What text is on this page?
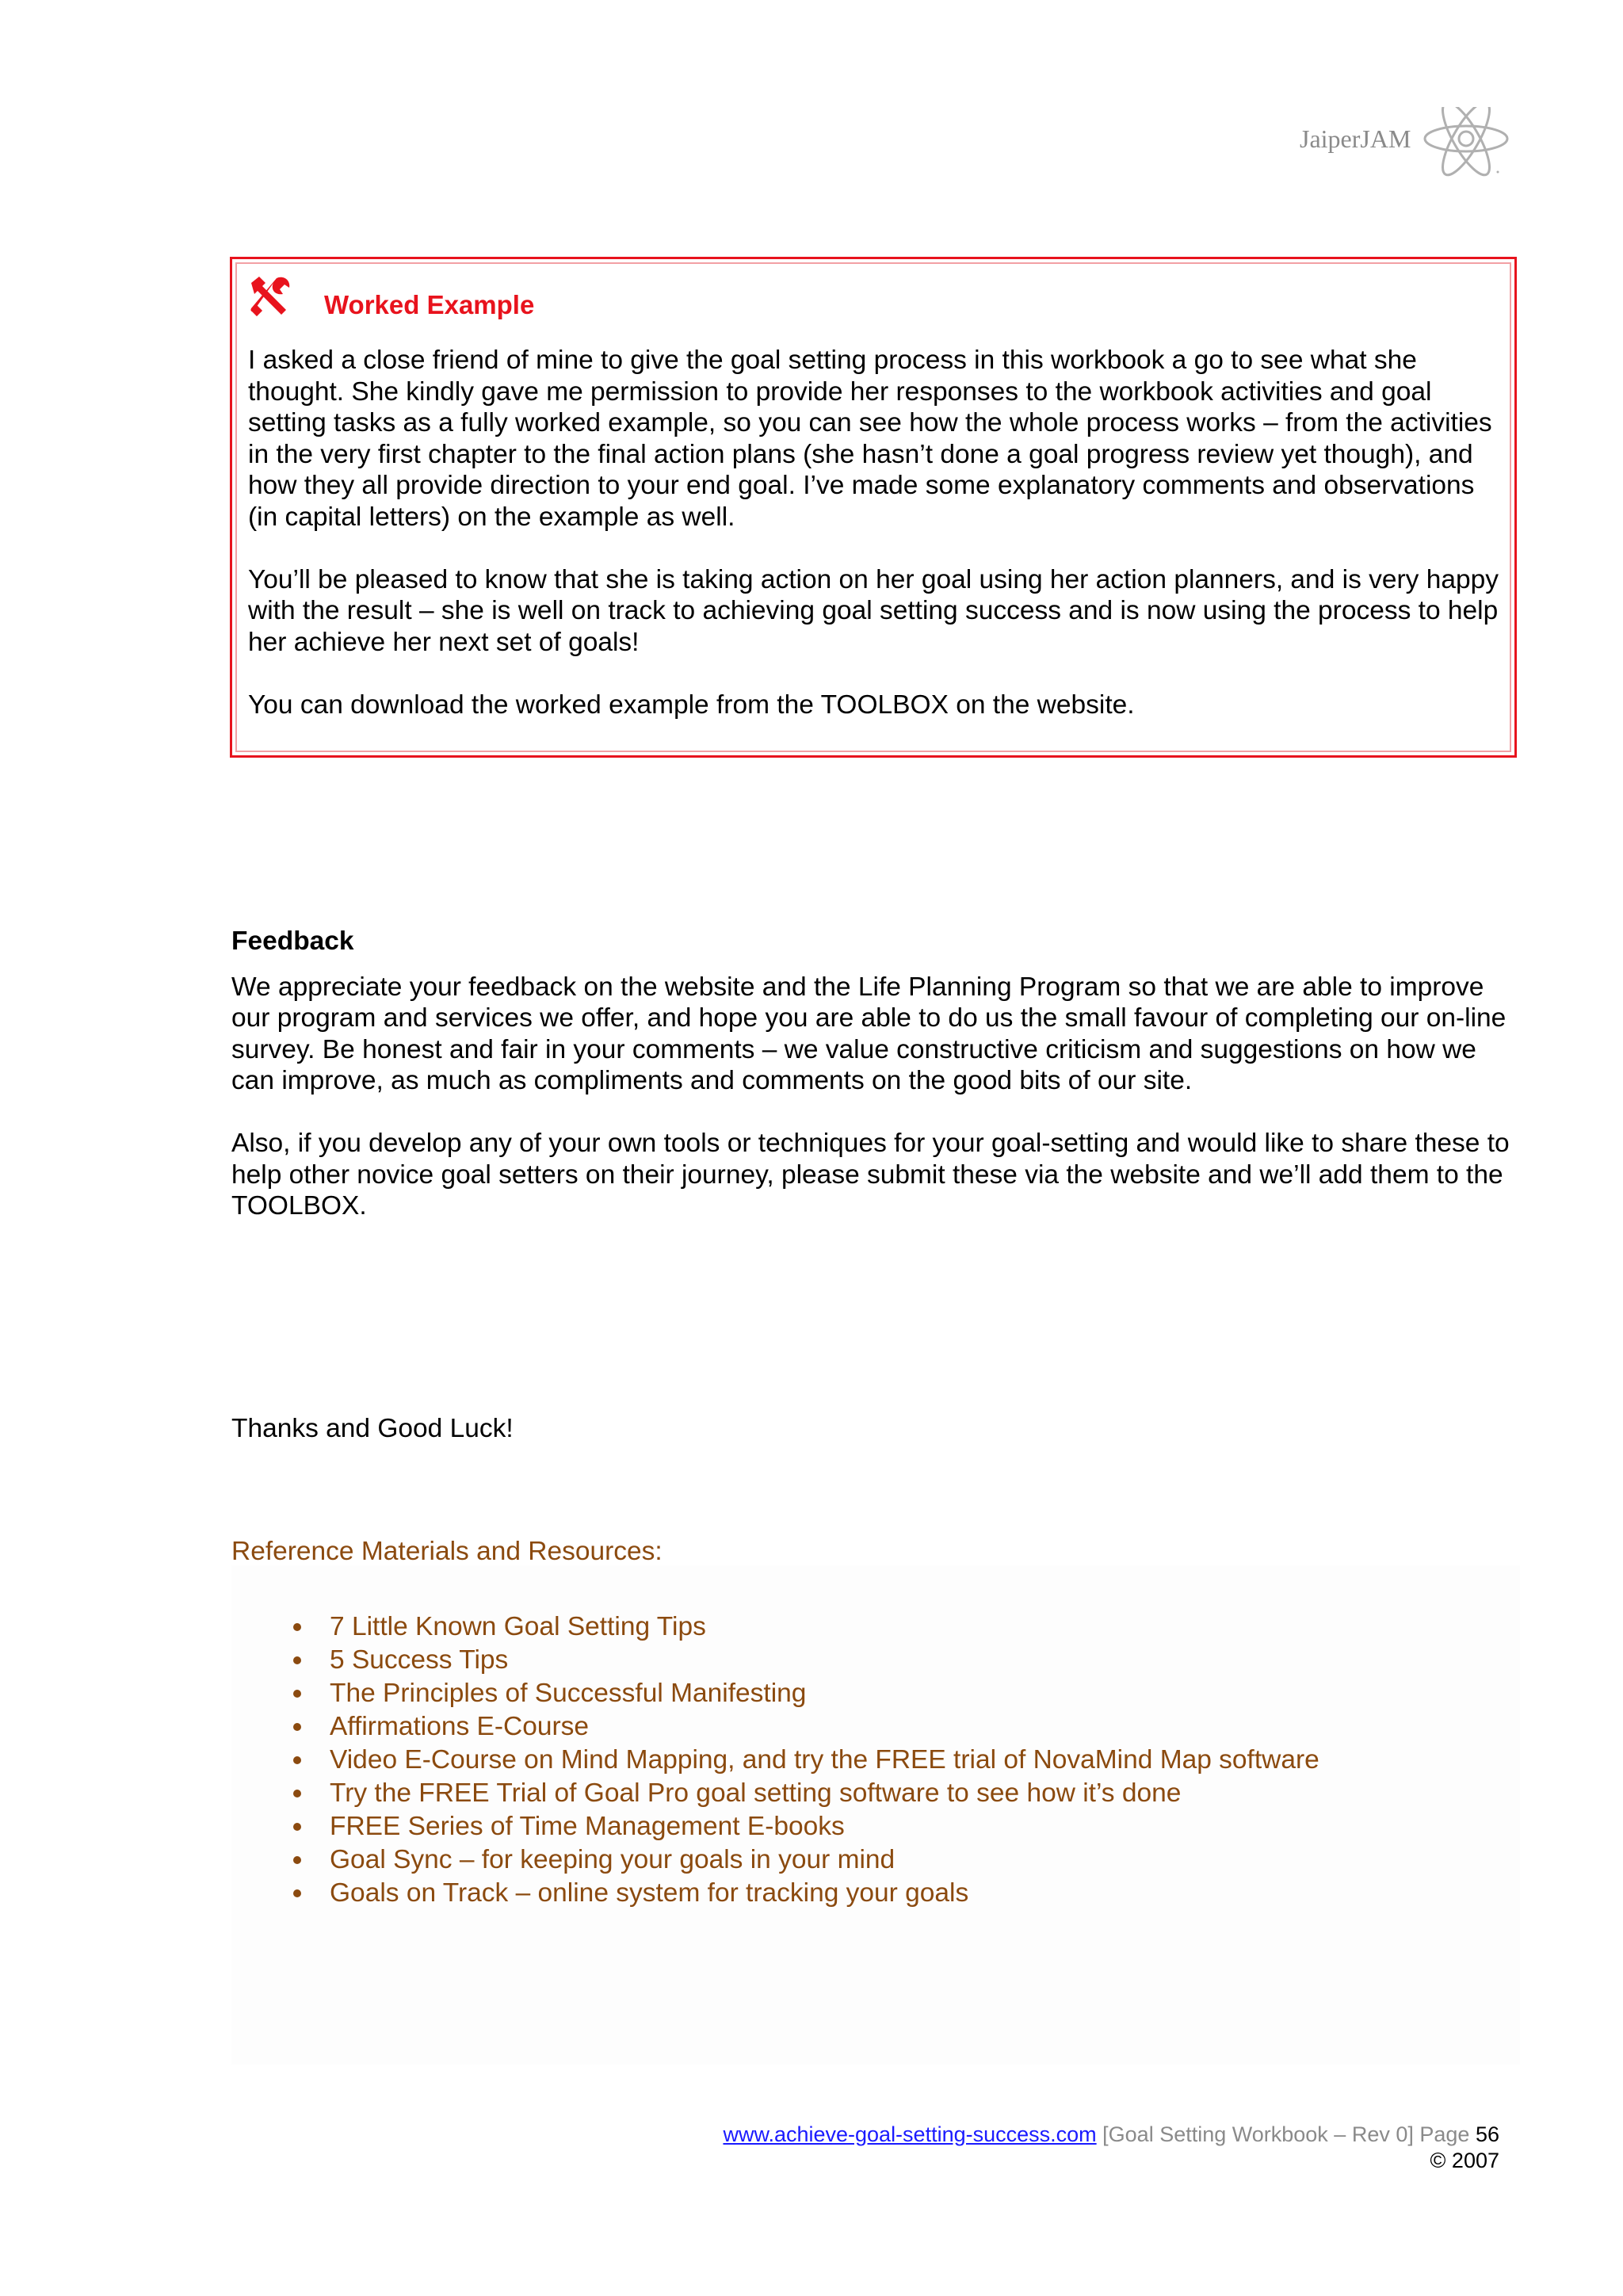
JaiperJAM
Worked Example

I asked a close friend of mine to give the goal setting process in this workbook a go to see what she thought. She kindly gave me permission to provide her responses to the workbook activities and goal setting tasks as a fully worked example, so you can see how the whole process works – from the activities in the very first chapter to the final action plans (she hasn’t done a goal progress review yet though), and how they all provide direction to your end goal. I’ve made some explanatory comments and observations (in capital letters) on the example as well.

You’ll be pleased to know that she is taking action on her goal using her action planners, and is very happy with the result – she is well on track to achieving goal setting success and is now using the process to help her achieve her next set of goals!

You can download the worked example from the TOOLBOX on the website.

Feedback

We appreciate your feedback on the website and the Life Planning Program so that we are able to improve our program and services we offer, and hope you are able to do us the small favour of completing our on-line survey. Be honest and fair in your comments – we value constructive criticism and suggestions on how we can improve, as much as compliments and comments on the good bits of our site.

Also, if you develop any of your own tools or techniques for your goal-setting and would like to share these to help other novice goal setters on their journey, please submit these via the website and we’ll add them to the TOOLBOX.

Thanks and Good Luck!
Reference Materials and Resources:
7 Little Known Goal Setting Tips
5 Success Tips
The Principles of Successful Manifesting
Affirmations E-Course
Video E-Course on Mind Mapping, and try the FREE trial of NovaMind Map software
Try the FREE Trial of Goal Pro goal setting software to see how it’s done
FREE Series of Time Management E-books
Goal Sync – for keeping your goals in your mind
Goals on Track – online system for tracking your goals
www.achieve-goal-setting-success.com [Goal Setting Workbook – Rev 0] Page 56
© 2007
